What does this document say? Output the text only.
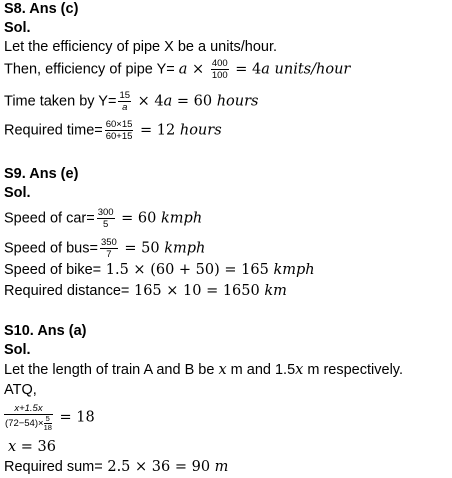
S8. Ans (c)
Sol.
Let the efficiency of pipe X be a units/hour.
Then, efficiency of pipe $Y= a \times \frac{400}{100} = 4a$ units/hour
Time taken by $Y= \frac{15}{a} \times 4a = 60$ hours
Required time= $\frac{60\times 15}{60+15} = 12$ hours
S9. Ans (e)
Sol.
Speed of $car= \frac{300}{5} = 60$ kmph
Speed of $bus= \frac{350}{7} = 50$ kmph
Speed of bike= 1.5 × (60 + 50) = 165 kmph
Required distance= 165 × 10 = 1650 km
S10. Ans (a)
Sol.
Let the length of train A and B be x m and 1.5x m respectively.
ATQ,
$\frac{x+1.5x}{(72-54)\times \frac{5}{18}} = 18$
x = 36
Required sum= 2.5 × 36 = 90 m
